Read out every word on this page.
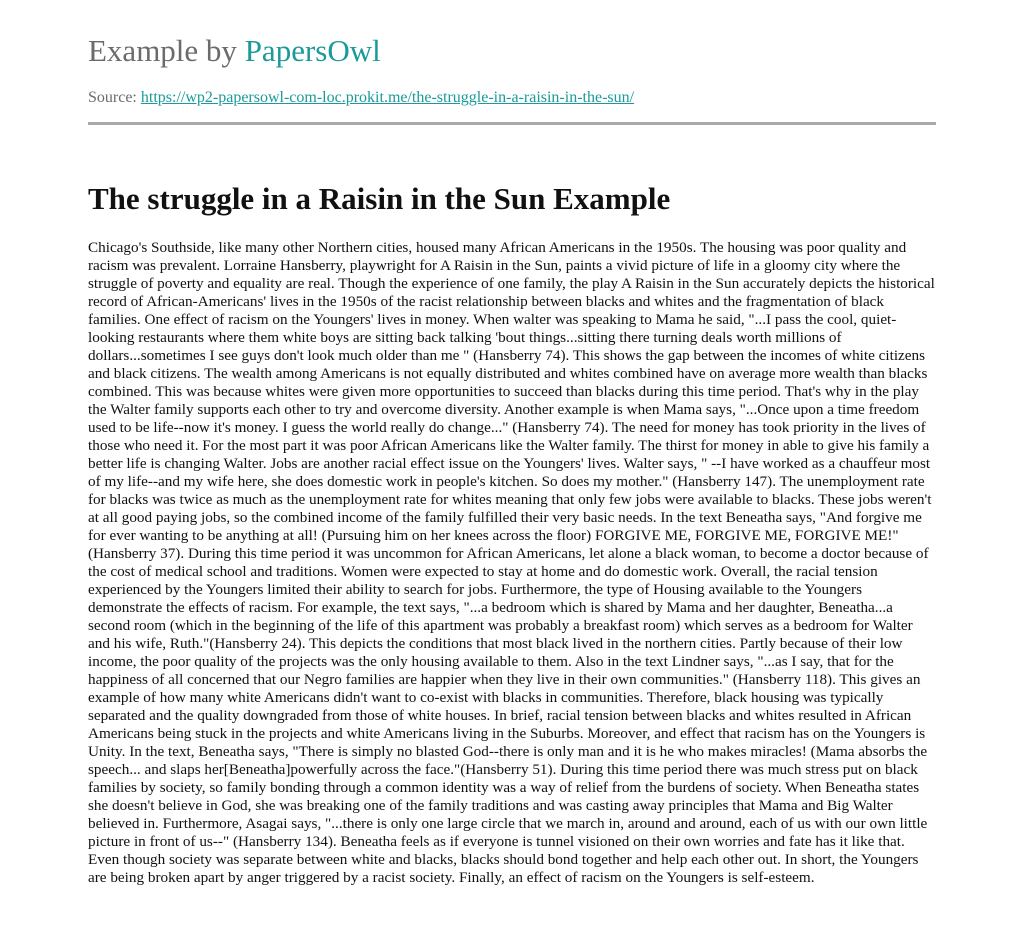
Example by PapersOwl
Source: https://wp2-papersowl-com-loc.prokit.me/the-struggle-in-a-raisin-in-the-sun/
The struggle in a Raisin in the Sun Example

Chicago's Southside, like many other Northern cities, housed many African Americans in the 1950s. The housing was poor quality and racism was prevalent. Lorraine Hansberry, playwright for A Raisin in the Sun, paints a vivid picture of life in a gloomy city where the struggle of poverty and equality are real. Though the experience of one family, the play A Raisin in the Sun accurately depicts the historical record of African-Americans' lives in the 1950s of the racist relationship between blacks and whites and the fragmentation of black families. One effect of racism on the Youngers' lives in money. When walter was speaking to Mama he said, "...I pass the cool, quiet-looking restaurants where them white boys are sitting back talking 'bout things...sitting there turning deals worth millions of dollars...sometimes I see guys don't look much older than me " (Hansberry 74). This shows the gap between the incomes of white citizens and black citizens. The wealth among Americans is not equally distributed and whites combined have on average more wealth than blacks combined. This was because whites were given more opportunities to succeed than blacks during this time period. That's why in the play the Walter family supports each other to try and overcome diversity. Another example is when Mama says, "...Once upon a time freedom used to be life--now it's money. I guess the world really do change..." (Hansberry 74). The need for money has took priority in the lives of those who need it. For the most part it was poor African Americans like the Walter family. The thirst for money in able to give his family a better life is changing Walter. Jobs are another racial effect issue on the Youngers' lives. Walter says, " --I have worked as a chauffeur most of my life--and my wife here, she does domestic work in people's kitchen. So does my mother." (Hansberry 147). The unemployment rate for blacks was twice as much as the unemployment rate for whites meaning that only few jobs were available to blacks. These jobs weren't at all good paying jobs, so the combined income of the family fulfilled their very basic needs. In the text Beneatha says, "And forgive me for ever wanting to be anything at all! (Pursuing him on her knees across the floor) FORGIVE ME, FORGIVE ME, FORGIVE ME!" (Hansberry 37). During this time period it was uncommon for African Americans, let alone a black woman, to become a doctor because of the cost of medical school and traditions. Women were expected to stay at home and do domestic work. Overall, the racial tension experienced by the Youngers limited their ability to search for jobs. Furthermore, the type of Housing available to the Youngers demonstrate the effects of racism. For example, the text says, "...a bedroom which is shared by Mama and her daughter, Beneatha...a second room (which in the beginning of the life of this apartment was probably a breakfast room) which serves as a bedroom for Walter and his wife, Ruth."(Hansberry 24). This depicts the conditions that most black lived in the northern cities. Partly because of their low income, the poor quality of the projects was the only housing available to them. Also in the text Lindner says, "...as I say, that for the happiness of all concerned that our Negro families are happier when they live in their own communities." (Hansberry 118). This gives an example of how many white Americans didn't want to co-exist with blacks in communities. Therefore, black housing was typically separated and the quality downgraded from those of white houses. In brief, racial tension between blacks and whites resulted in African Americans being stuck in the projects and white Americans living in the Suburbs. Moreover, and effect that racism has on the Youngers is Unity. In the text, Beneatha says, "There is simply no blasted God--there is only man and it is he who makes miracles! (Mama absorbs the speech... and slaps her[Beneatha]powerfully across the face."(Hansberry 51). During this time period there was much stress put on black families by society, so family bonding through a common identity was a way of relief from the burdens of society. When Beneatha states she doesn't believe in God, she was breaking one of the family traditions and was casting away principles that Mama and Big Walter believed in. Furthermore, Asagai says, "...there is only one large circle that we march in, around and around, each of us with our own little picture in front of us--" (Hansberry 134). Beneatha feels as if everyone is tunnel visioned on their own worries and fate has it like that. Even though society was separate between white and blacks, blacks should bond together and help each other out. In short, the Youngers are being broken apart by anger triggered by a racist society. Finally, an effect of racism on the Youngers is self-esteem.
